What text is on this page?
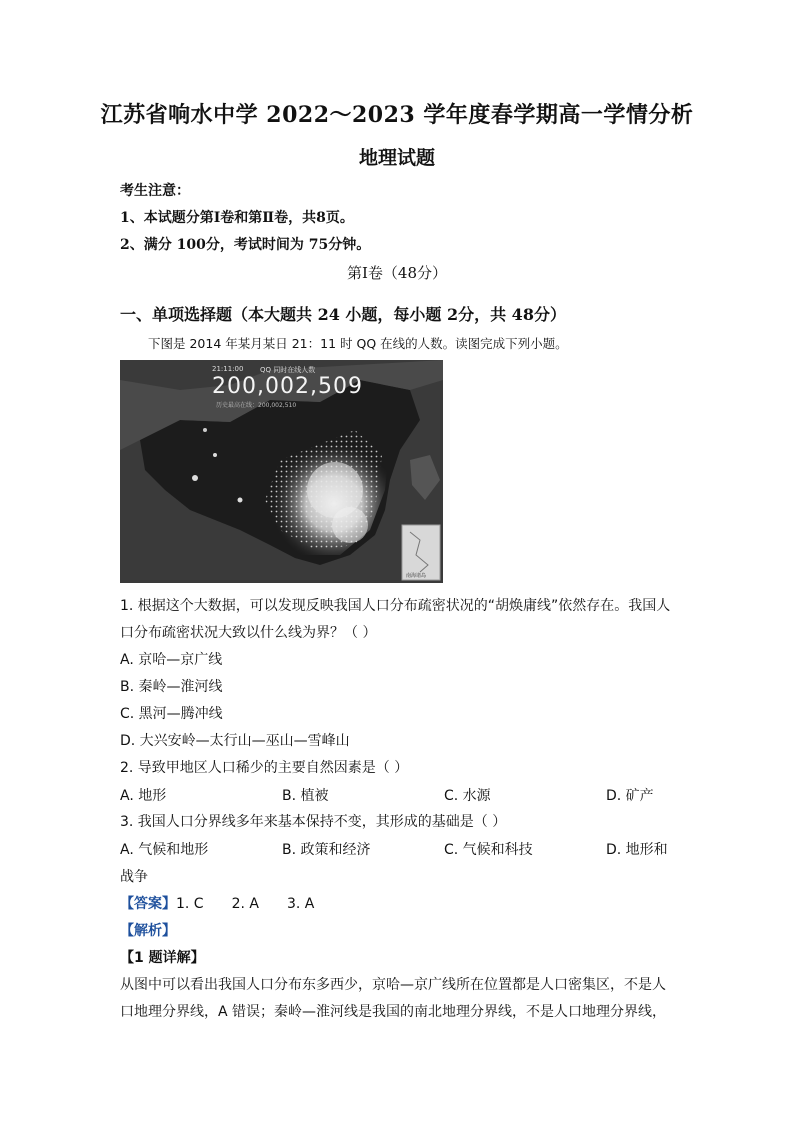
江苏省响水中学 2022～2023 学年度春学期高一学情分析
地理试题
考生注意：
1、本试题分第Ⅰ卷和第Ⅱ卷，共8页。
2、满分 100分，考试时间为 75分钟。
第Ⅰ卷（48分）
一、单项选择题（本大题共 24 小题，每小题 2分，共 48分）
下图是 2014 年某月某日 21：11 时 QQ 在线的人数。读图完成下列小题。
21:11:00 QQ 同时在线人数
200,002,509
历史最高在线：200,002,510
南海诸岛
1. 根据这个大数据，可以发现反映我国人口分布疏密状况的“胡焕庸线”依然存在。我国人
口分布疏密状况大致以什么线为界？（ ）
A. 京哈—京广线
B. 秦岭—淮河线
C. 黑河—腾冲线
D. 大兴安岭—太行山—巫山—雪峰山
2. 导致甲地区人口稀少的主要自然因素是（ ）
A. 地形	B. 植被	C. 水源	D. 矿产
3. 我国人口分界线多年来基本保持不变，其形成的基础是（ ）
A. 气候和地形	B. 政策和经济	C. 气候和科技	D. 地形和
战争
【答案】1. C 2. A 3. A
【解析】
【1 题详解】
从图中可以看出我国人口分布东多西少，京哈—京广线所在位置都是人口密集区，不是人
口地理分界线，A 错误；秦岭—淮河线是我国的南北地理分界线，不是人口地理分界线，
